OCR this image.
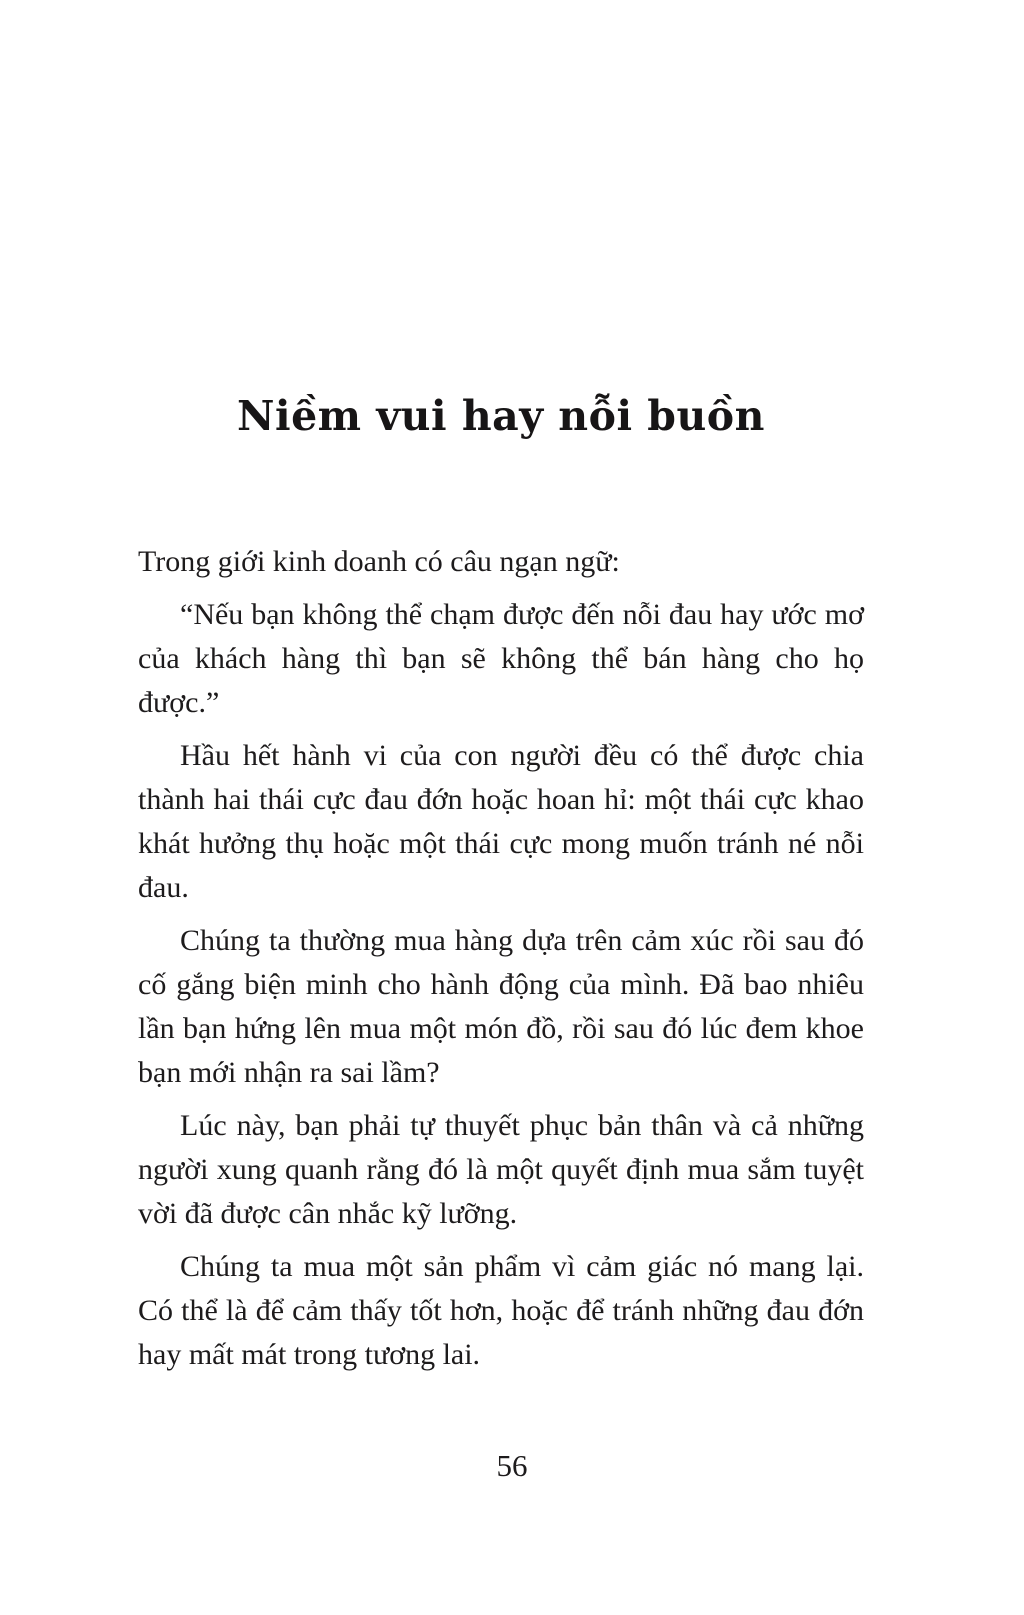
Niềm vui hay nỗi buồn

Trong giới kinh doanh có câu ngạn ngữ:

“Nếu bạn không thể chạm được đến nỗi đau hay ước mơ của khách hàng thì bạn sẽ không thể bán hàng cho họ được.”

Hầu hết hành vi của con người đều có thể được chia thành hai thái cực đau đớn hoặc hoan hỉ: một thái cực khao khát hưởng thụ hoặc một thái cực mong muốn tránh né nỗi đau.

Chúng ta thường mua hàng dựa trên cảm xúc rồi sau đó cố gắng biện minh cho hành động của mình. Đã bao nhiêu lần bạn hứng lên mua một món đồ, rồi sau đó lúc đem khoe bạn mới nhận ra sai lầm?

Lúc này, bạn phải tự thuyết phục bản thân và cả những người xung quanh rằng đó là một quyết định mua sắm tuyệt vời đã được cân nhắc kỹ lưỡng.

Chúng ta mua một sản phẩm vì cảm giác nó mang lại. Có thể là để cảm thấy tốt hơn, hoặc để tránh những đau đớn hay mất mát trong tương lai.

56
